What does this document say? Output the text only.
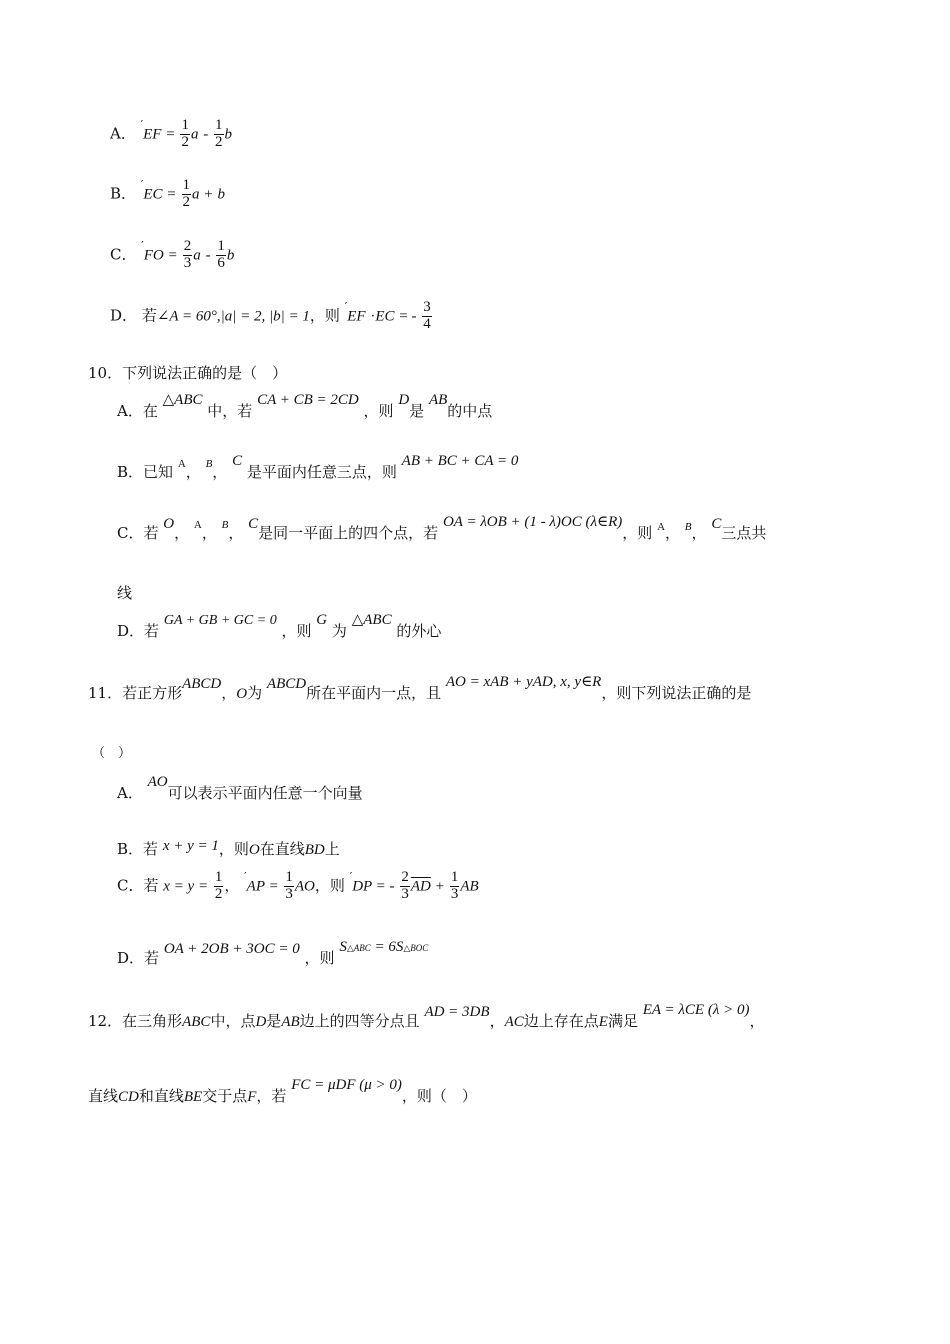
A． $'EF = \frac{1}{2}$ a - $\frac{1}{2}$ b
B． $'EC = \frac{1}{2}$ a + b
C． $'FO = \frac{2}{3}$ a - $\frac{1}{6}$ b
D． 若∠A = 60°,|a| = 2, |b| = 1，则 ′EF ·EC = - $\frac{3}{4}$
10．下列说法正确的是（　）
A．在 △ABC 中，若 CA + CB = 2CD ，则 D是 AB的中点
B．已知 $^A$， $^B$， C 是平面内任意三点，则 AB + BC + CA = 0
C．若 O， $^A$， $^B$， C是同一平面上的四个点，若 OA = λOB + (1 - λ)OC (λ∈R)，则 $^A$， $^B$， C三点共
线
D．若 GA + GB + GC = 0 ，则 G 为 △ABC 的外心
11．若正方形ABCD，O为 ABCD所在平面内一点，且 AO = xAB + yAD, x, y∈R，则下列说法正确的是
（　）
A． AO可以表示平面内任意一个向量
B．若 x + y = 1，则O在直线BD上
C．若 $x = y = \frac{1}{2}$ ， $'AP = \frac{1}{3}$ AO，则 ′DP = - $\frac{2}{3} \overline{AD} + \frac{1}{3}$ AB
D．若 OA + 2OB + 3OC = 0 ，则 S△ABC = 6S△BOC
12．在三角形ABC中，点D是AB边上的四等分点且 AD = 3DB，AC边上存在点E满足 EA = λCE (λ > 0)，
直线CD和直线BE交于点F，若 FC = μDF (μ > 0)，则（　）
